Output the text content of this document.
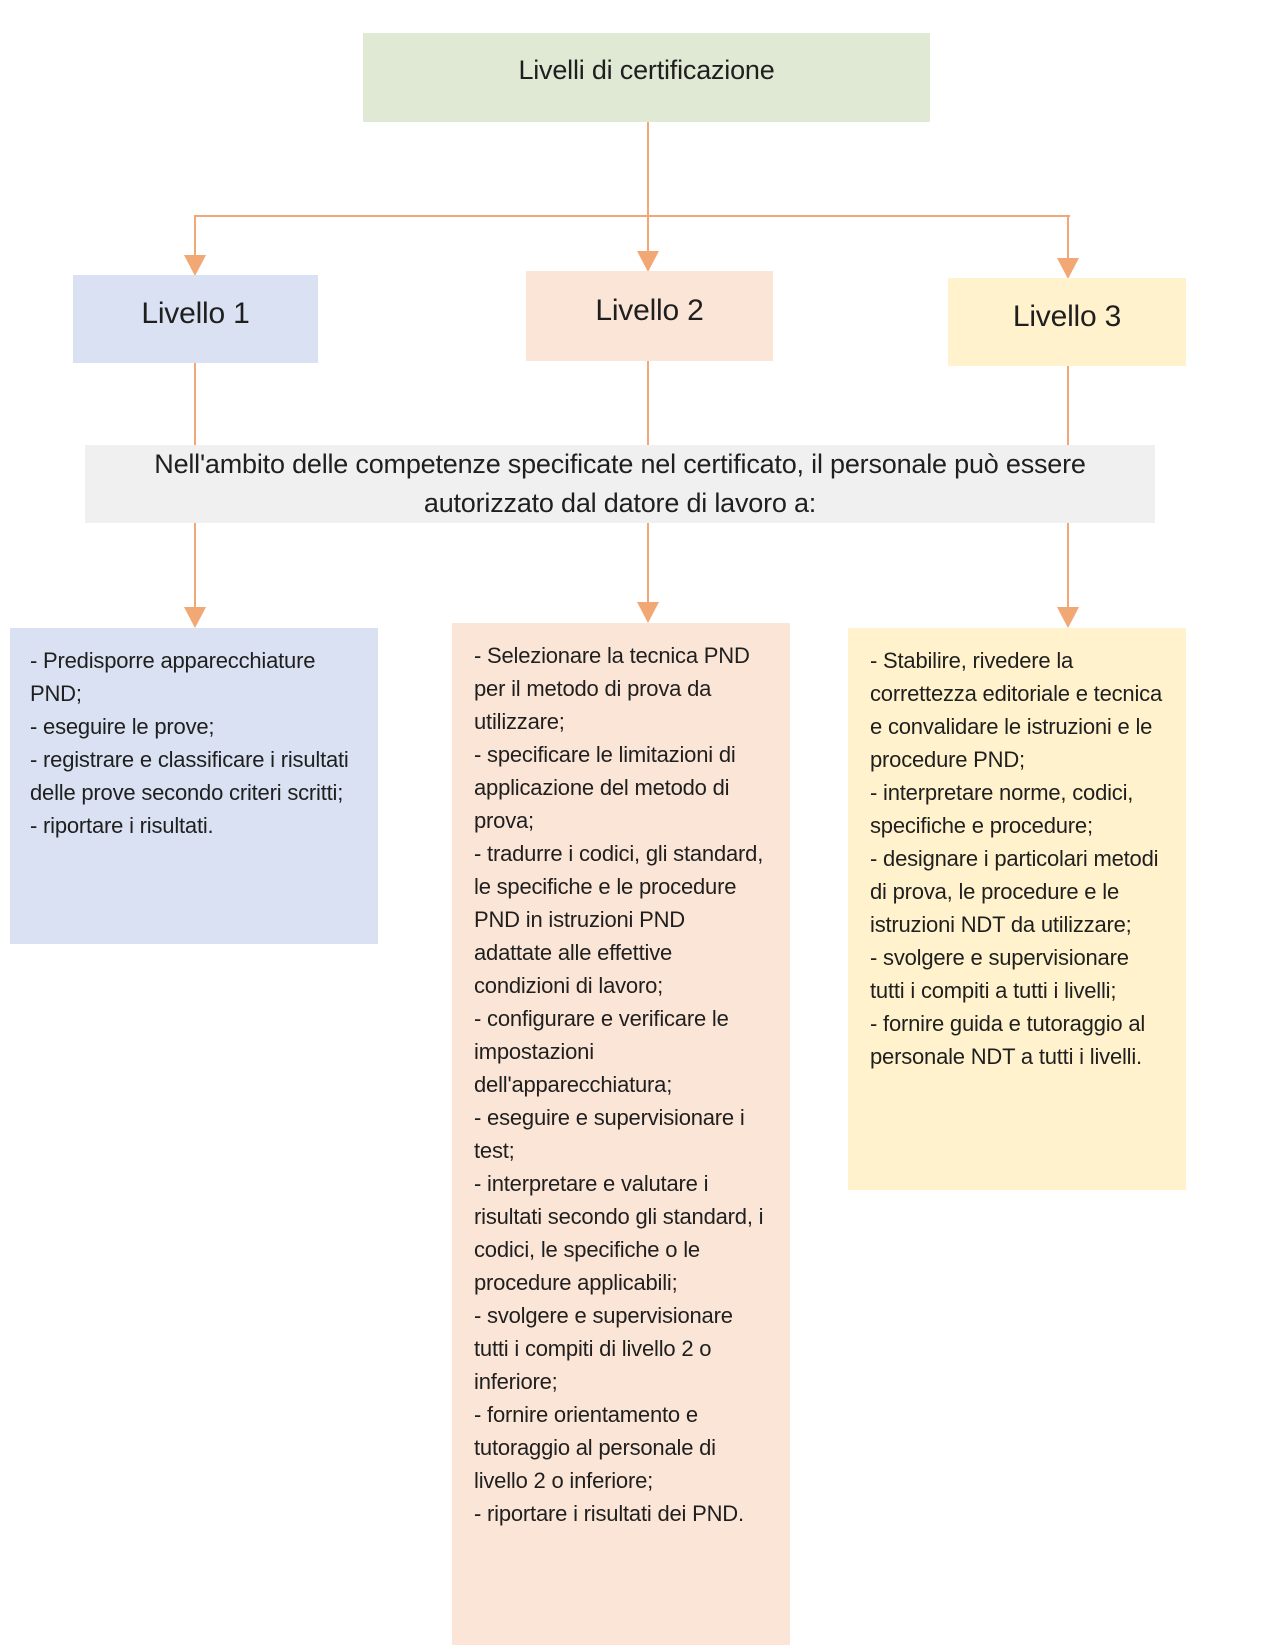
Livelli di certificazione
Livello 1	Livello 2	Livello 3
Nell'ambito delle competenze specificate nel certificato, il personale può essere autorizzato dal datore di lavoro a:
- Predisporre apparecchiature PND;
- eseguire le prove;
- registrare e classificare i risultati delle prove secondo criteri scritti;
- riportare i risultati.
- Selezionare la tecnica PND per il metodo di prova da utilizzare;
- specificare le limitazioni di applicazione del metodo di prova;
- tradurre i codici, gli standard, le specifiche e le procedure PND in istruzioni PND adattate alle effettive condizioni di lavoro;
- configurare e verificare le impostazioni dell'apparecchiatura;
- eseguire e supervisionare i test;
- interpretare e valutare i risultati secondo gli standard, i codici, le specifiche o le procedure applicabili;
- svolgere e supervisionare tutti i compiti di livello 2 o inferiore;
- fornire orientamento e tutoraggio al personale di livello 2 o inferiore;
- riportare i risultati dei PND.
- Stabilire, rivedere la correttezza editoriale e tecnica e convalidare le istruzioni e le procedure PND;
- interpretare norme, codici, specifiche e procedure;
- designare i particolari metodi di prova, le procedure e le istruzioni NDT da utilizzare;
- svolgere e supervisionare tutti i compiti a tutti i livelli;
- fornire guida e tutoraggio al personale NDT a tutti i livelli.
